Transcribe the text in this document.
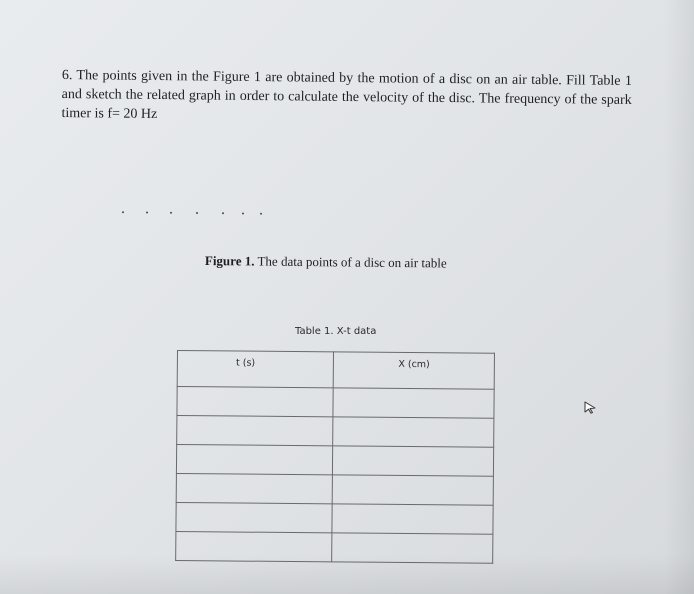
6. The points given in the Figure 1 are obtained by the motion of a disc on an air table. Fill Table 1 and sketch the related graph in order to calculate the velocity of the disc. The frequency of the spark timer is f= 20 Hz
Figure 1. The data points of a disc on air table
Table 1. X-t data
t (s)	X (cm)
